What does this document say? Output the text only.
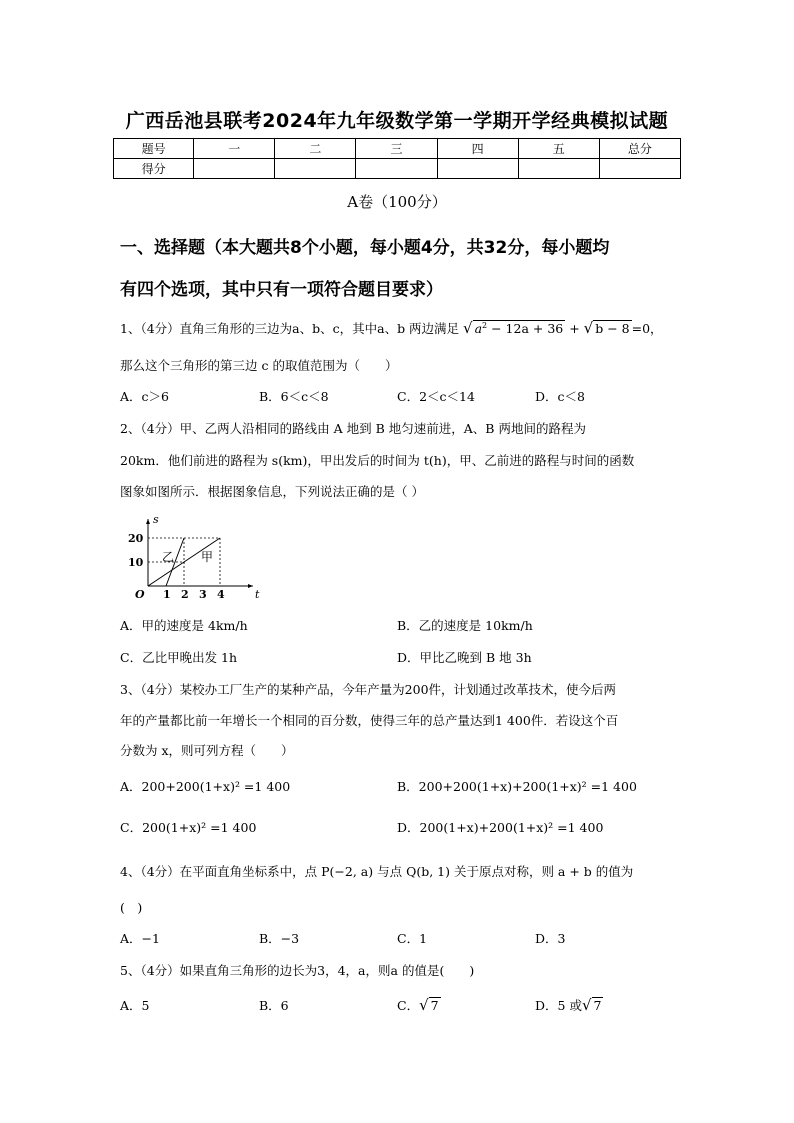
广西岳池县联考2024年九年级数学第一学期开学经典模拟试题
题号	一	二	三	四	五	总分
得分						
A卷（100分）
一、选择题（本大题共8个小题，每小题4分，共32分，每小题均
有四个选项，其中只有一项符合题目要求）
1、（4分）直角三角形的三边为a、b、c，其中a、b 两边满足 √ $a^2 - 12a + 36$ + √ b − 8 =0，
那么这个三角形的第三边 c 的取值范围为（　　）
A．c＞6	B．6＜c＜8	C．2＜c＜14	D．c＜8
2、（4分）甲、乙两人沿相同的路线由 A 地到 B 地匀速前进，A、B 两地间的路程为
20km．他们前进的路程为 s(km)，甲出发后的时间为 t(h)，甲、乙前进的路程与时间的函数
图象如图所示．根据图象信息，下列说法正确的是（ ）
s
t
O
20
10
1 2 3 4
乙 甲
A．甲的速度是 4km/h	B．乙的速度是 10km/h
C．乙比甲晚出发 1h	D．甲比乙晚到 B 地 3h
3、（4分）某校办工厂生产的某种产品，今年产量为200件，计划通过改革技术，使今后两
年的产量都比前一年增长一个相同的百分数，使得三年的总产量达到1 400件．若设这个百
分数为 x，则可列方程（　　）
A．200+200(1+x)² =1 400	B．200+200(1+x)+200(1+x)² =1 400
C．200(1+x)² =1 400	D．200(1+x)+200(1+x)² =1 400
4、（4分）在平面直角坐标系中，点 P(−2, a) 与点 Q(b, 1) 关于原点对称，则 a + b 的值为
(　)
A．−1	B．−3	C．1	D．3
5、（4分）如果直角三角形的边长为3，4，a，则a 的值是(　　)
A．5	B．6	C．√ 7	D．5 或√ 7
